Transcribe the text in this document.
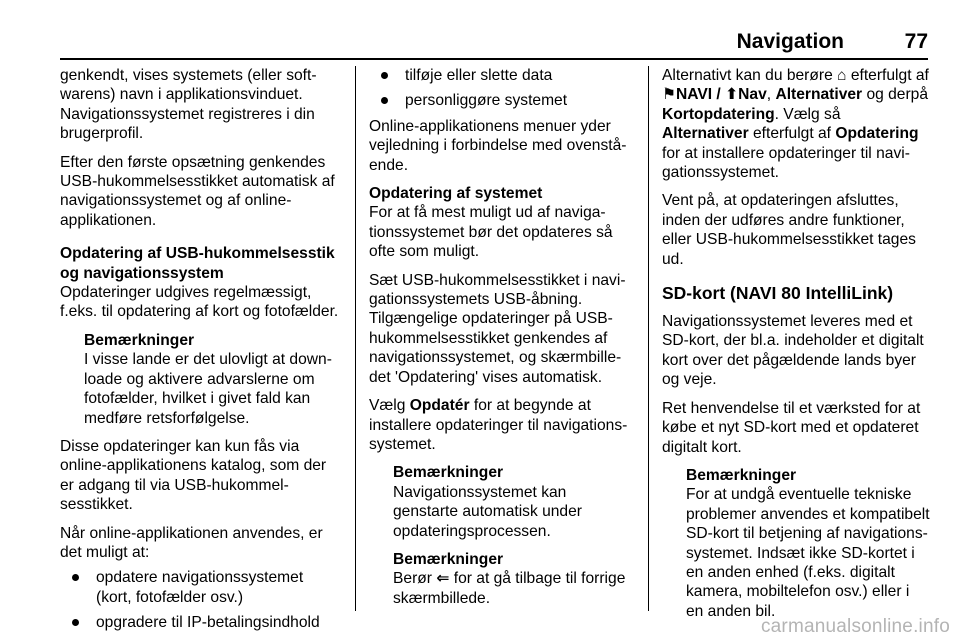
Navigation	77

genkendt, vises systemets (eller softwarens) navn i applikationsvinduet. Navigationssystemet registreres i din brugerprofil.

Efter den første opsætning genkendes USB-hukommelsesstikket automatisk af navigationssystemet og af online-applikationen.

Opdatering af USB-hukommelsesstik og navigationssystem

Opdateringer udgives regelmæssigt, f.eks. til opdatering af kort og fotofælder.

Bemærkninger
I visse lande er det ulovligt at downloade og aktivere advarslerne om fotofælder, hvilket i givet fald kan medføre retsforfølgelse.

Disse opdateringer kan kun fås via online-applikationens katalog, som der er adgang til via USB-hukommelsesstikket.

Når online-applikationen anvendes, er det muligt at:

opdatere navigationssystemet (kort, fotofælder osv.)
opgradere til IP-betalingsindhold
tilføje eller slette data
personliggøre systemet

Online-applikationens menuer yder vejledning i forbindelse med ovenstående.

Opdatering af systemet

For at få mest muligt ud af navigationssystemet bør det opdateres så ofte som muligt.

Sæt USB-hukommelsesstikket i navigationssystemets USB-åbning. Tilgængelige opdateringer på USB-hukommelsesstikket genkendes af navigationssystemet, og skærmbilledet 'Opdatering' vises automatisk.

Vælg Opdatér for at begynde at installere opdateringer til navigationssystemet.

Bemærkninger
Navigationssystemet kan genstarte automatisk under opdateringsprocessen.
Bemærkninger
Berør ⇐ for at gå tilbage til forrige skærmbillede.

Alternativt kan du berøre ⌂ efterfulgt af ⚑NAVI / ⬆Nav, Alternativer og derpå Kortopdatering. Vælg så Alternativer efterfulgt af Opdatering for at installere opdateringer til navigationssystemet.

Vent på, at opdateringen afsluttes, inden der udføres andre funktioner, eller USB-hukommelsesstikket tages ud.

SD-kort (NAVI 80 IntelliLink)

Navigationssystemet leveres med et SD-kort, der bl.a. indeholder et digitalt kort over det pågældende lands byer og veje.

Ret henvendelse til et værksted for at købe et nyt SD-kort med et opdateret digitalt kort.

Bemærkninger
For at undgå eventuelle tekniske problemer anvendes et kompatibelt SD-kort til betjening af navigationssystemet. Indsæt ikke SD-kortet i en anden enhed (f.eks. digitalt kamera, mobiltelefon osv.) eller i en anden bil.
carmanualsonline.info
